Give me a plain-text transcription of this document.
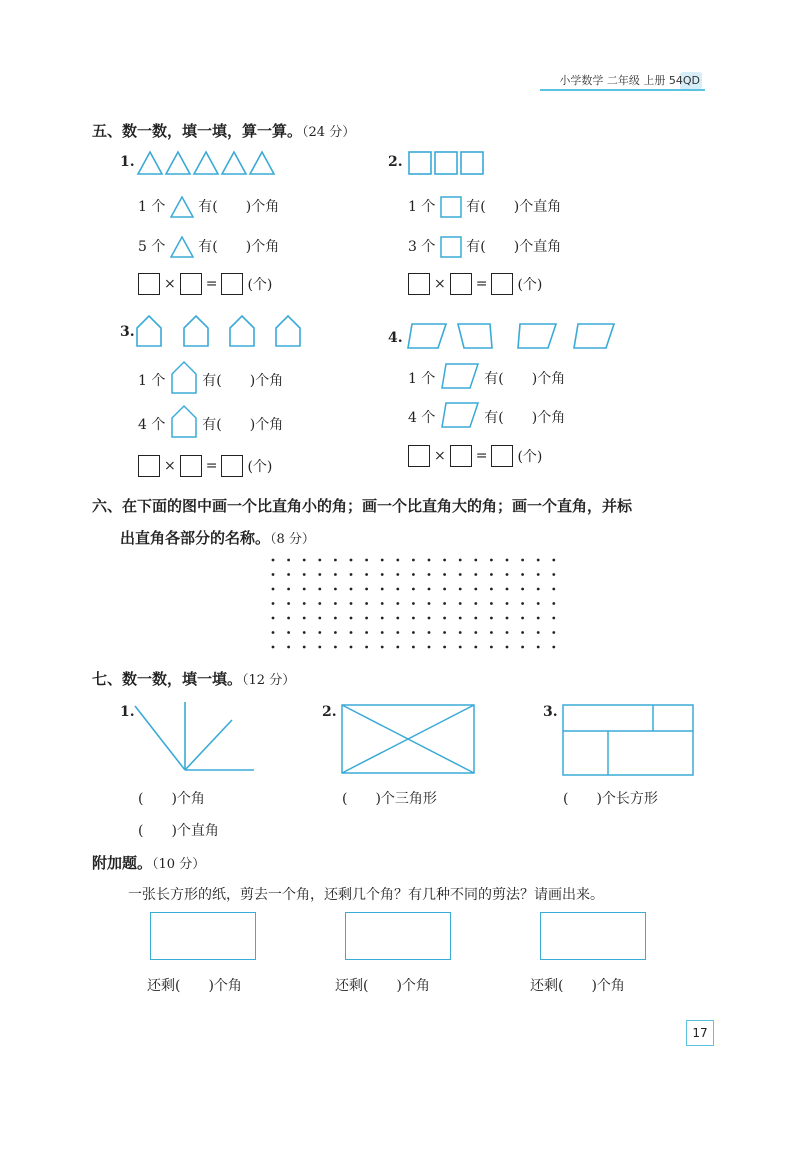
小学数学 二年级 上册 54QD
五、数一数，填一填，算一算。（24 分）
1.
1 个 有(　　)个角
5 个 有(　　)个角
× = (个)
2.
1 个 有(　　)个直角
3 个 有(　　)个直角
× = (个)
3.
1 个	有(　　)个角
4 个	有(　　)个角
× = (个)
4.
1 个	有(　　)个角
4 个	有(　　)个角
× = (个)
六、在下面的图中画一个比直角小的角；画一个比直角大的角；画一个直角，并标
出直角各部分的名称。（8 分）
七、数一数，填一填。（12 分）
1.
(　　)个角
(　　)个直角
2.
(　　)个三角形
3.
(　　)个长方形
附加题。（10 分）
一张长方形的纸，剪去一个角，还剩几个角？有几种不同的剪法？请画出来。
还剩(　　)个角	还剩(　　)个角	还剩(　　)个角
17
